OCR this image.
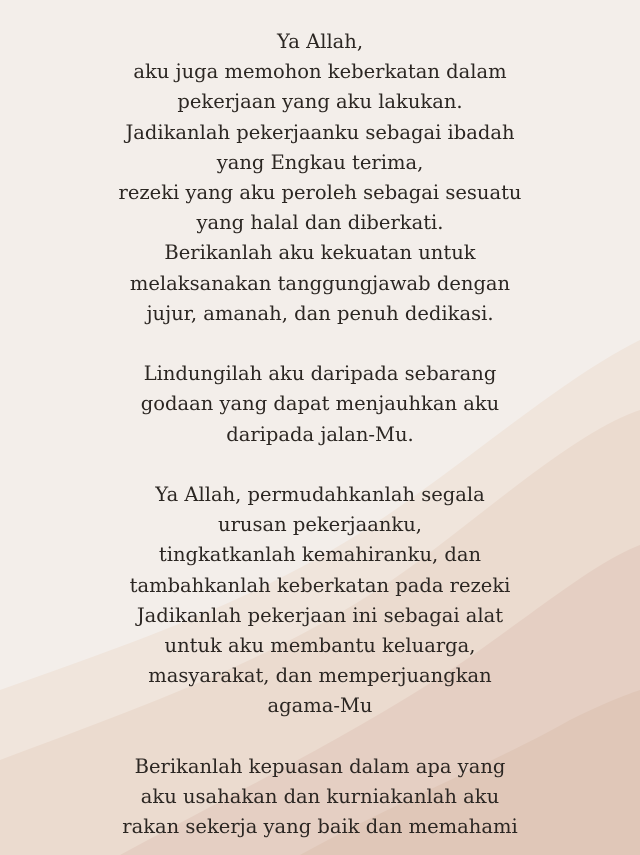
Ya Allah,
aku juga memohon keberkatan dalam
pekerjaan yang aku lakukan.
Jadikanlah pekerjaanku sebagai ibadah
yang Engkau terima,
rezeki yang aku peroleh sebagai sesuatu
yang halal dan diberkati.
Berikanlah aku kekuatan untuk
melaksanakan tanggungjawab dengan
jujur, amanah, dan penuh dedikasi.
Lindungilah aku daripada sebarang
godaan yang dapat menjauhkan aku
daripada jalan-Mu.
Ya Allah, permudahkanlah segala
urusan pekerjaanku,
tingkatkanlah kemahiranku, dan
tambahkanlah keberkatan pada rezeki
Jadikanlah pekerjaan ini sebagai alat
untuk aku membantu keluarga,
masyarakat, dan memperjuangkan
agama-Mu
Berikanlah kepuasan dalam apa yang
aku usahakan dan kurniakanlah aku
rakan sekerja yang baik dan memahami
